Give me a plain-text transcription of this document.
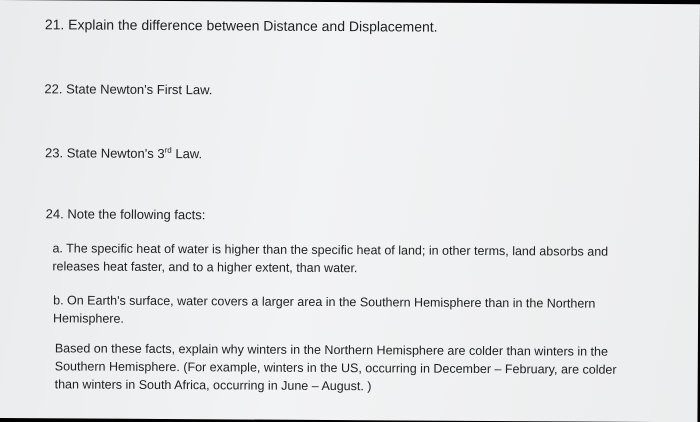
21. Explain the difference between Distance and Displacement.

22. State Newton's First Law.

23. State Newton's 3rd Law.

24. Note the following facts:

a. The specific heat of water is higher than the specific heat of land; in other terms, land absorbs and
releases heat faster, and to a higher extent, than water.
b. On Earth's surface, water covers a larger area in the Southern Hemisphere than in the Northern
Hemisphere.
Based on these facts, explain why winters in the Northern Hemisphere are colder than winters in the
Southern Hemisphere. (For example, winters in the US, occurring in December – February, are colder
than winters in South Africa, occurring in June – August. )
